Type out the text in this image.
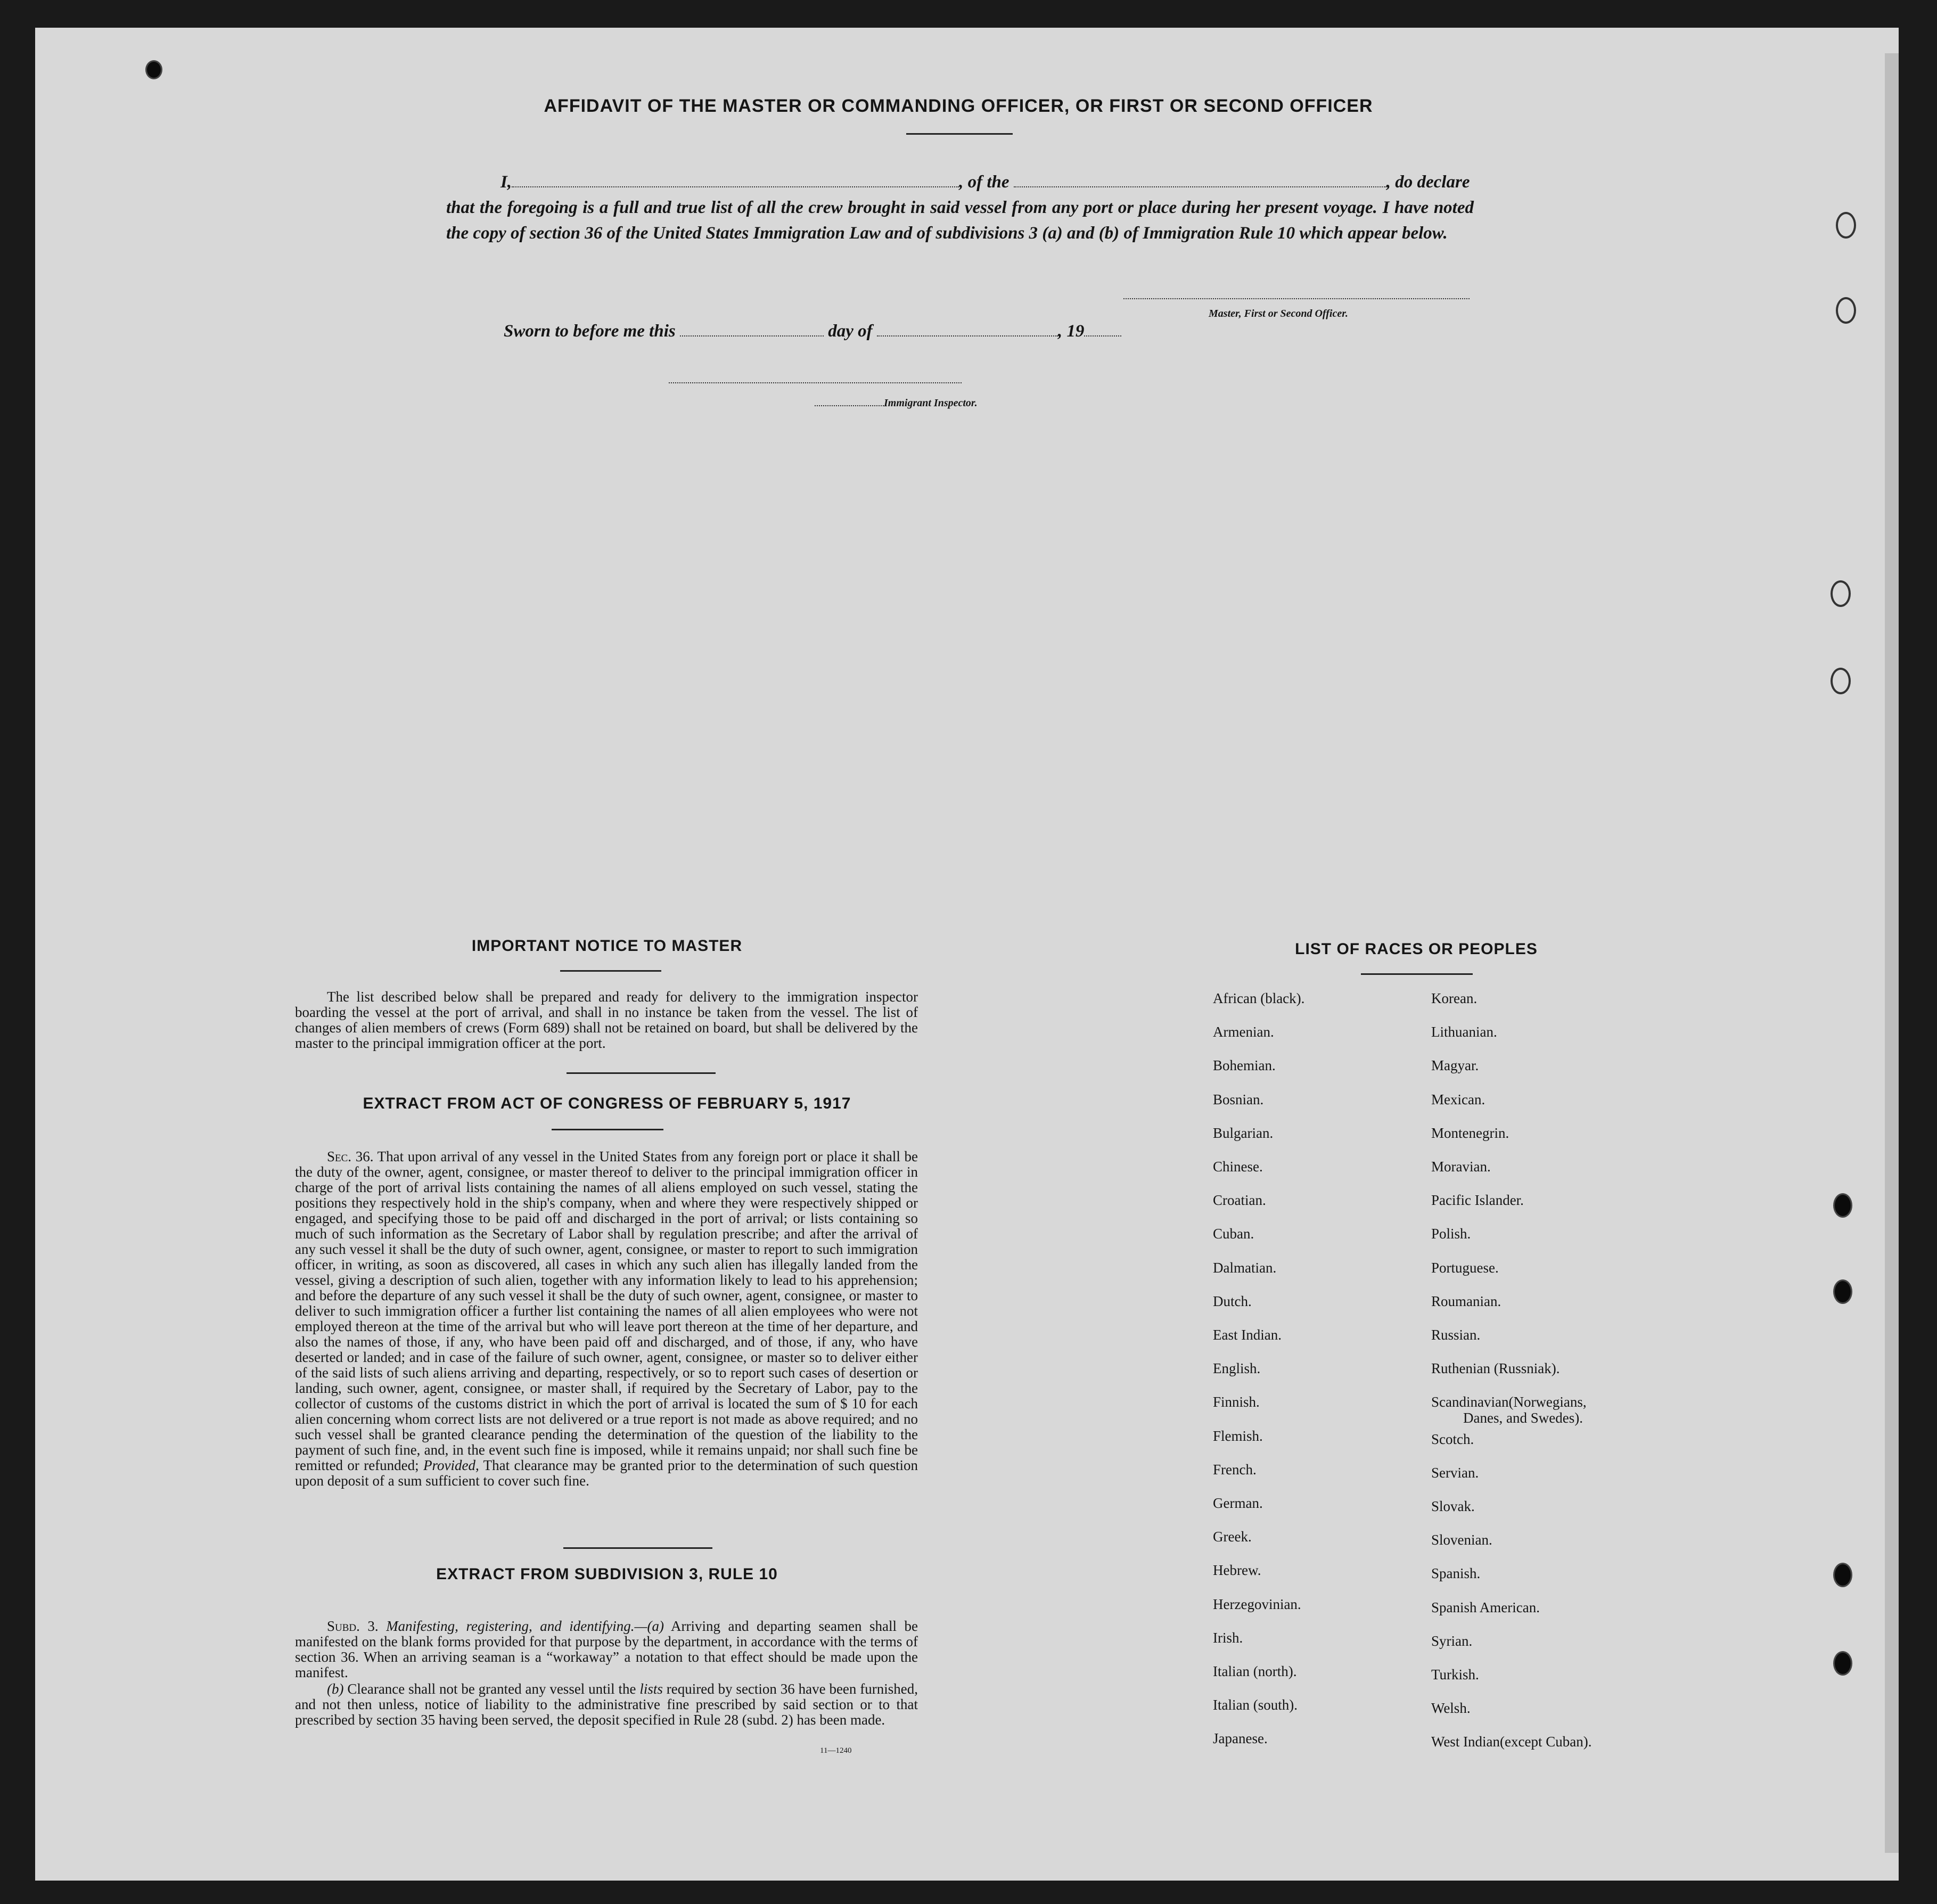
AFFIDAVIT OF THE MASTER OR COMMANDING OFFICER, OR FIRST OR SECOND OFFICER
I,	, of the	, do declare
that the foregoing is a full and true list of all the crew brought in said vessel from any port or place during her present voyage. I have noted the copy of section 36 of the United States Immigration Law and of subdivisions 3 (a) and (b) of Immigration Rule 10 which appear below.
Master, First or Second Officer.
Sworn to before me this	day of	, 19
Immigrant Inspector.
IMPORTANT NOTICE TO MASTER
The list described below shall be prepared and ready for delivery to the immigration inspector boarding the vessel at the port of arrival, and shall in no instance be taken from the vessel. The list of changes of alien members of crews (Form 689) shall not be retained on board, but shall be delivered by the master to the principal immigration officer at the port.
EXTRACT FROM ACT OF CONGRESS OF FEBRUARY 5, 1917
Sec. 36. That upon arrival of any vessel in the United States from any foreign port or place it shall be the duty of the owner, agent, consignee, or master thereof to deliver to the principal immigration officer in charge of the port of arrival lists containing the names of all aliens employed on such vessel, stating the positions they respectively hold in the ship's company, when and where they were respectively shipped or engaged, and specifying those to be paid off and discharged in the port of arrival; or lists containing so much of such information as the Secretary of Labor shall by regulation prescribe; and after the arrival of any such vessel it shall be the duty of such owner, agent, consignee, or master to report to such immigration officer, in writing, as soon as discovered, all cases in which any such alien has illegally landed from the vessel, giving a description of such alien, together with any information likely to lead to his apprehension; and before the departure of any such vessel it shall be the duty of such owner, agent, consignee, or master to deliver to such immigration officer a further list containing the names of all alien employees who were not employed thereon at the time of the arrival but who will leave port thereon at the time of her departure, and also the names of those, if any, who have been paid off and discharged, and of those, if any, who have deserted or landed; and in case of the failure of such owner, agent, consignee, or master so to deliver either of the said lists of such aliens arriving and departing, respectively, or so to report such cases of desertion or landing, such owner, agent, consignee, or master shall, if required by the Secretary of Labor, pay to the collector of customs of the customs district in which the port of arrival is located the sum of $ 10 for each alien concerning whom correct lists are not delivered or a true report is not made as above required; and no such vessel shall be granted clearance pending the determination of the question of the liability to the payment of such fine, and, in the event such fine is imposed, while it remains unpaid; nor shall such fine be remitted or refunded; Provided, That clearance may be granted prior to the determination of such question upon deposit of a sum sufficient to cover such fine.
EXTRACT FROM SUBDIVISION 3, RULE 10
Subd. 3. Manifesting, registering, and identifying.—(a) Arriving and departing seamen shall be manifested on the blank forms provided for that purpose by the department, in accordance with the terms of section 36. When an arriving seaman is a “workaway” a notation to that effect should be made upon the manifest.
(b) Clearance shall not be granted any vessel until the lists required by section 36 have been furnished, and not then unless, notice of liability to the administrative fine prescribed by said section or to that prescribed by section 35 having been served, the deposit specified in Rule 28 (subd. 2) has been made.
11—1240
LIST OF RACES OR PEOPLES
African (black).
Armenian.
Bohemian.
Bosnian.
Bulgarian.
Chinese.
Croatian.
Cuban.
Dalmatian.
Dutch.
East Indian.
English.
Finnish.
Flemish.
French.
German.
Greek.
Hebrew.
Herzegovinian.
Irish.
Italian (north).
Italian (south).
Japanese.
Korean.
Lithuanian.
Magyar.
Mexican.
Montenegrin.
Moravian.
Pacific Islander.
Polish.
Portuguese.
Roumanian.
Russian.
Ruthenian (Russniak).
Scandinavian(Norwegians,
Danes, and Swedes).
Scotch.
Servian.
Slovak.
Slovenian.
Spanish.
Spanish American.
Syrian.
Turkish.
Welsh.
West Indian(except Cuban).
